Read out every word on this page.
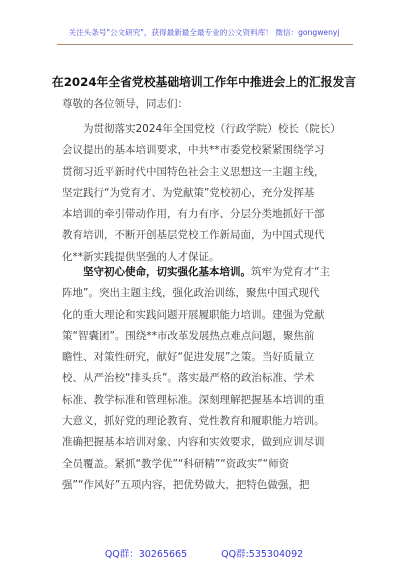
关注头条号"公文研究"，获得最新最全最专业的公文资料库！ 微信：gongwenyj
在2024年全省党校基础培训工作年中推进会上的汇报发言
尊敬的各位领导，同志们：
　　为贯彻落实2024年全国党校（行政学院）校长（院长）
会议提出的基本培训要求，中共**市委党校紧紧围绕学习
贯彻习近平新时代中国特色社会主义思想这一主题主线，
坚定践行“为党育才、为党献策”党校初心，充分发挥基
本培训的牵引带动作用，有力有序、分层分类地抓好干部
教育培训，不断开创基层党校工作新局面，为中国式现代
化**新实践提供坚强的人才保证。
　　坚守初心使命，切实强化基本培训。筑牢为党育才“主
阵地”。突出主题主线，强化政治训练，聚焦中国式现代
化的重大理论和实践问题开展履职能力培训。建强为党献
策“智囊团”。围绕**市改革发展热点难点问题，聚焦前
瞻性、对策性研究，献好“促进发展”之策。当好质量立
校、从严治校“排头兵”。落实最严格的政治标准、学术
标准、教学标准和管理标准。深刻理解把握基本培训的重
大意义，抓好党的理论教育、党性教育和履职能力培训。
准确把握基本培训对象、内容和实效要求，做到应训尽训
全员覆盖。紧抓“教学优”“科研精”“资政实”“师资
强”“作风好”五项内容，把优势做大，把特色做强，把
QQ群：30265665	QQ群:535304092
